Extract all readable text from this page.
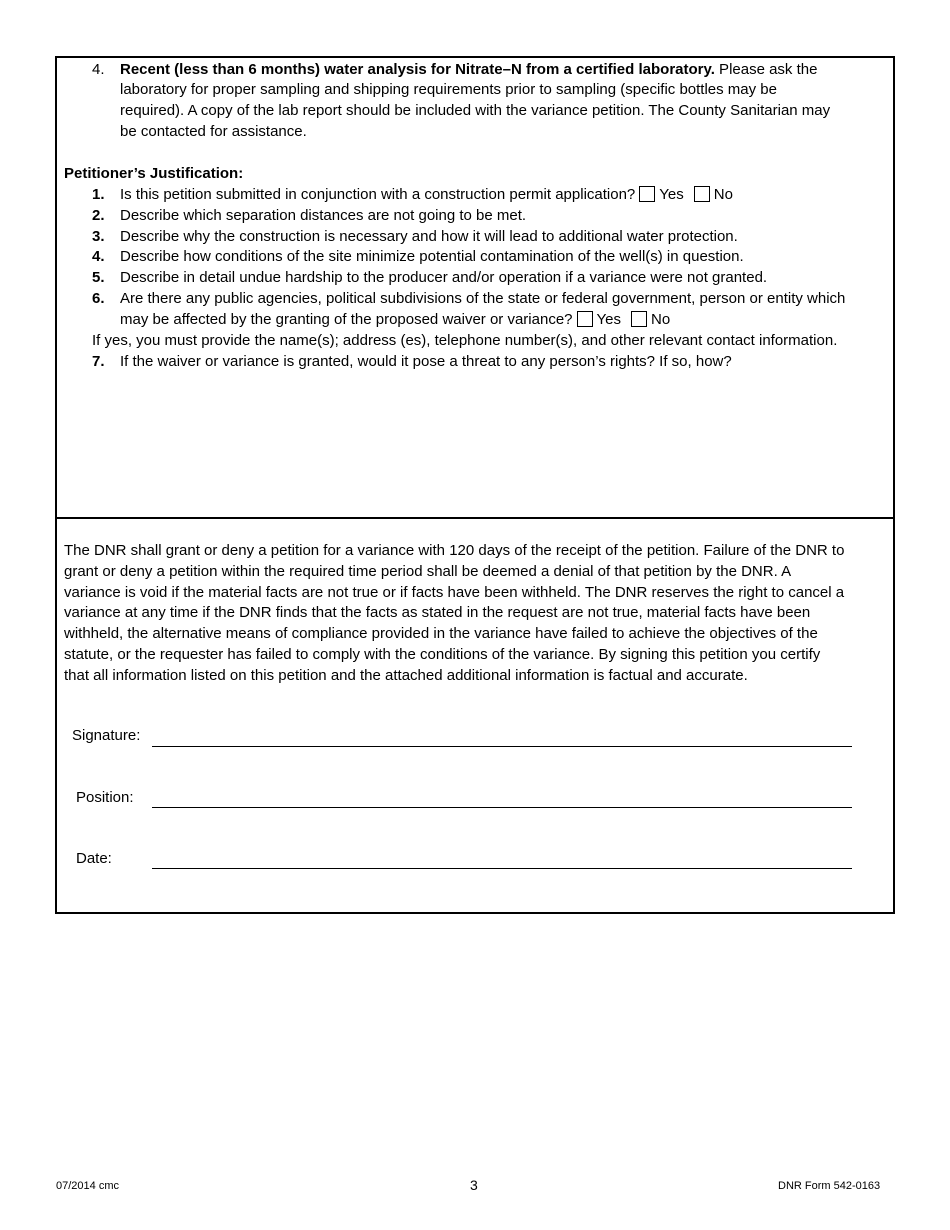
4. Recent (less than 6 months) water analysis for Nitrate–N from a certified laboratory. Please ask the
laboratory for proper sampling and shipping requirements prior to sampling (specific bottles may be
required). A copy of the lab report should be included with the variance petition. The County Sanitarian may
be contacted for assistance.
Petitioner’s Justification:
1. Is this petition submitted in conjunction with a construction permit application? Yes No
2. Describe which separation distances are not going to be met.
3. Describe why the construction is necessary and how it will lead to additional water protection.
4. Describe how conditions of the site minimize potential contamination of the well(s) in question.
5. Describe in detail undue hardship to the producer and/or operation if a variance were not granted.
6. Are there any public agencies, political subdivisions of the state or federal government, person or entity which
may be affected by the granting of the proposed waiver or variance? Yes No
If yes, you must provide the name(s); address (es), telephone number(s), and other relevant contact information.
7. If the waiver or variance is granted, would it pose a threat to any person’s rights? If so, how?
The DNR shall grant or deny a petition for a variance with 120 days of the receipt of the petition. Failure of the DNR to
grant or deny a petition within the required time period shall be deemed a denial of that petition by the DNR. A
variance is void if the material facts are not true or if facts have been withheld. The DNR reserves the right to cancel a
variance at any time if the DNR finds that the facts as stated in the request are not true, material facts have been
withheld, the alternative means of compliance provided in the variance have failed to achieve the objectives of the
statute, or the requester has failed to comply with the conditions of the variance. By signing this petition you certify
that all information listed on this petition and the attached additional information is factual and accurate.
Signature:
Position:
Date:
07/2014 cmc	3	DNR Form 542-0163
